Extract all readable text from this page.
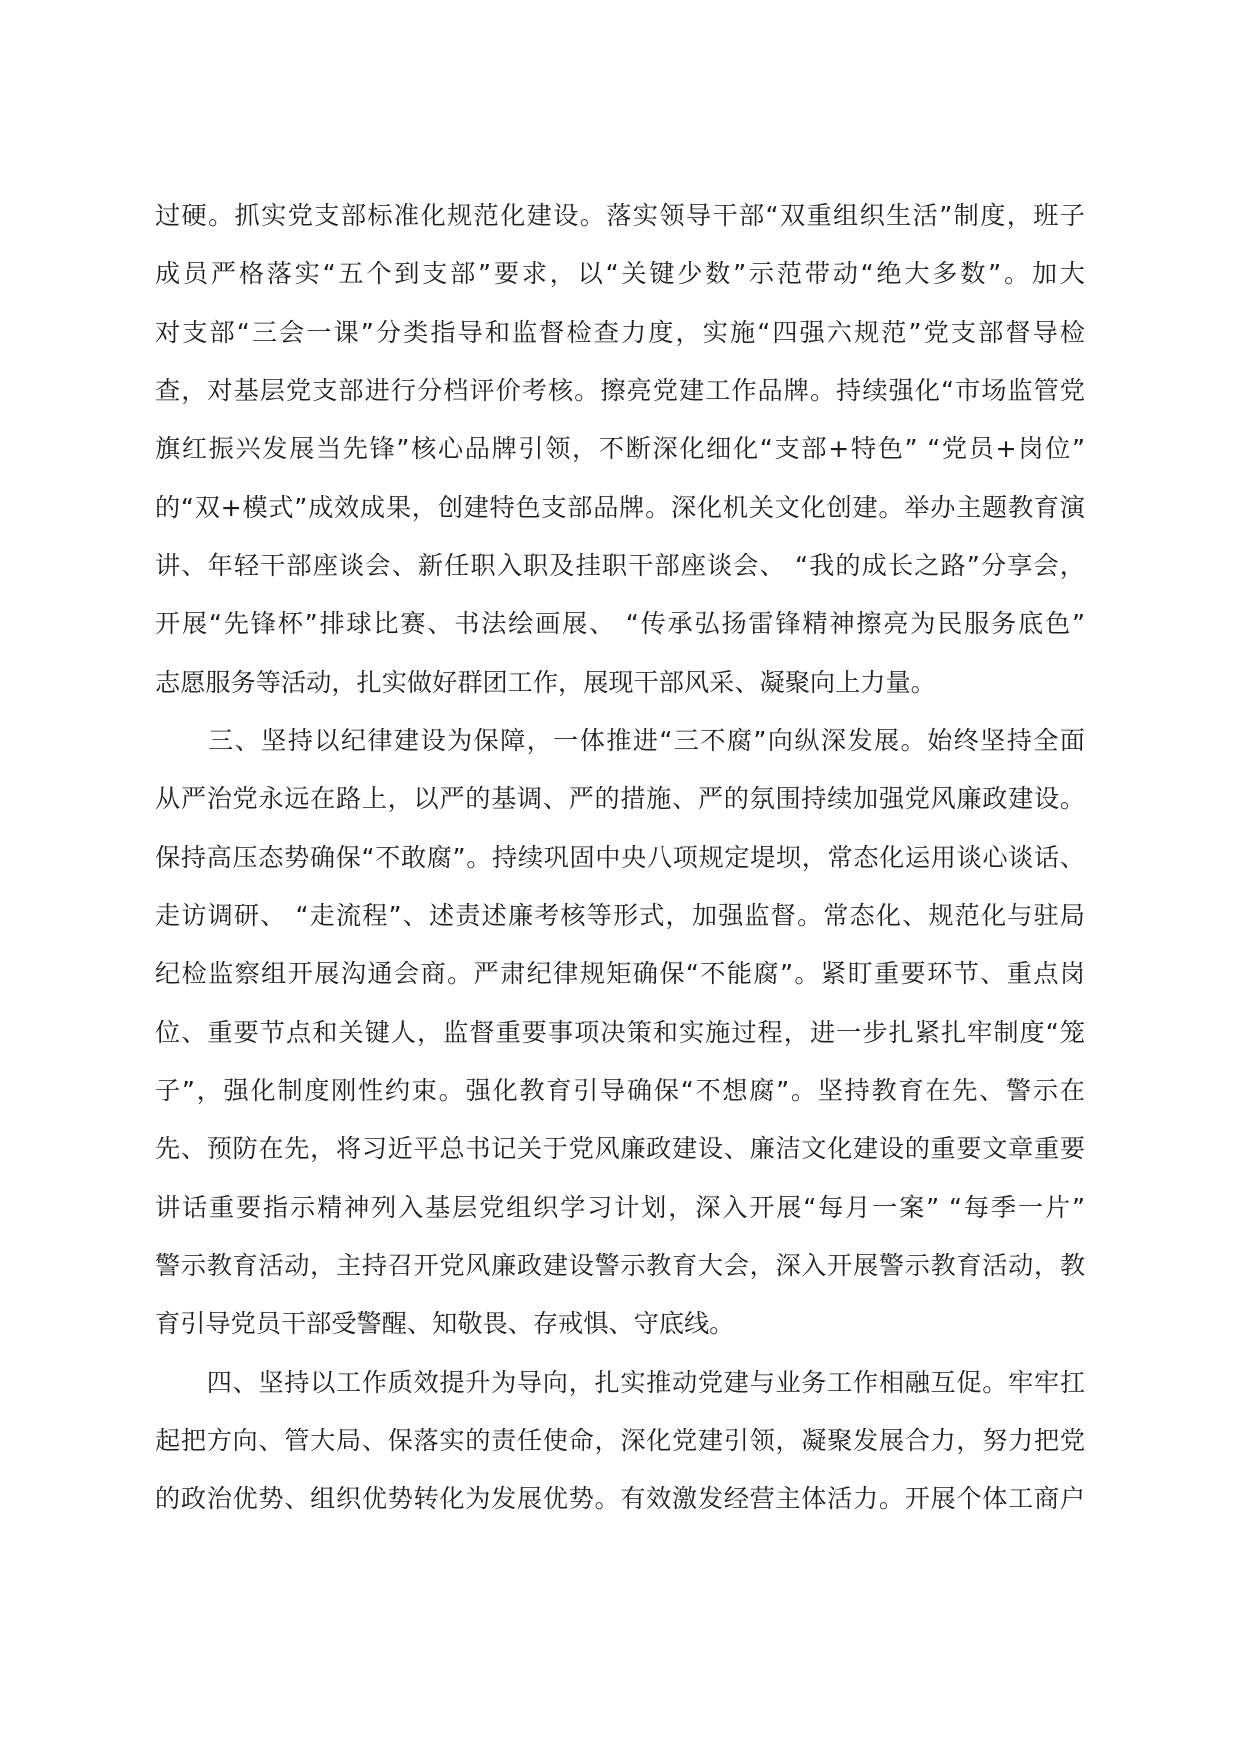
过硬。抓实党支部标准化规范化建设。落实领导干部“双重组织生活”制度，班子

成员严格落实“五个到支部”要求，以“关键少数”示范带动“绝大多数”。加大

对支部“三会一课”分类指导和监督检查力度，实施“四强六规范”党支部督导检

查，对基层党支部进行分档评价考核。擦亮党建工作品牌。持续强化“市场监管党

旗红振兴发展当先锋”核心品牌引领，不断深化细化“支部+特色” “党员+岗位”

的“双+模式”成效成果，创建特色支部品牌。深化机关文化创建。举办主题教育演

讲、年轻干部座谈会、新任职入职及挂职干部座谈会、 “我的成长之路”分享会，

开展“先锋杯”排球比赛、书法绘画展、 “传承弘扬雷锋精神擦亮为民服务底色”

志愿服务等活动，扎实做好群团工作，展现干部风采、凝聚向上力量。

　　三、坚持以纪律建设为保障，一体推进“三不腐”向纵深发展。始终坚持全面

从严治党永远在路上，以严的基调、严的措施、严的氛围持续加强党风廉政建设。

保持高压态势确保“不敢腐”。持续巩固中央八项规定堤坝，常态化运用谈心谈话、

走访调研、 “走流程”、述责述廉考核等形式，加强监督。常态化、规范化与驻局

纪检监察组开展沟通会商。严肃纪律规矩确保“不能腐”。紧盯重要环节、重点岗

位、重要节点和关键人，监督重要事项决策和实施过程，进一步扎紧扎牢制度“笼

子”，强化制度刚性约束。强化教育引导确保“不想腐”。坚持教育在先、警示在

先、预防在先，将习近平总书记关于党风廉政建设、廉洁文化建设的重要文章重要

讲话重要指示精神列入基层党组织学习计划，深入开展“每月一案” “每季一片”

警示教育活动，主持召开党风廉政建设警示教育大会，深入开展警示教育活动，教

育引导党员干部受警醒、知敬畏、存戒惧、守底线。

　　四、坚持以工作质效提升为导向，扎实推动党建与业务工作相融互促。牢牢扛

起把方向、管大局、保落实的责任使命，深化党建引领，凝聚发展合力，努力把党

的政治优势、组织优势转化为发展优势。有效激发经营主体活力。开展个体工商户
